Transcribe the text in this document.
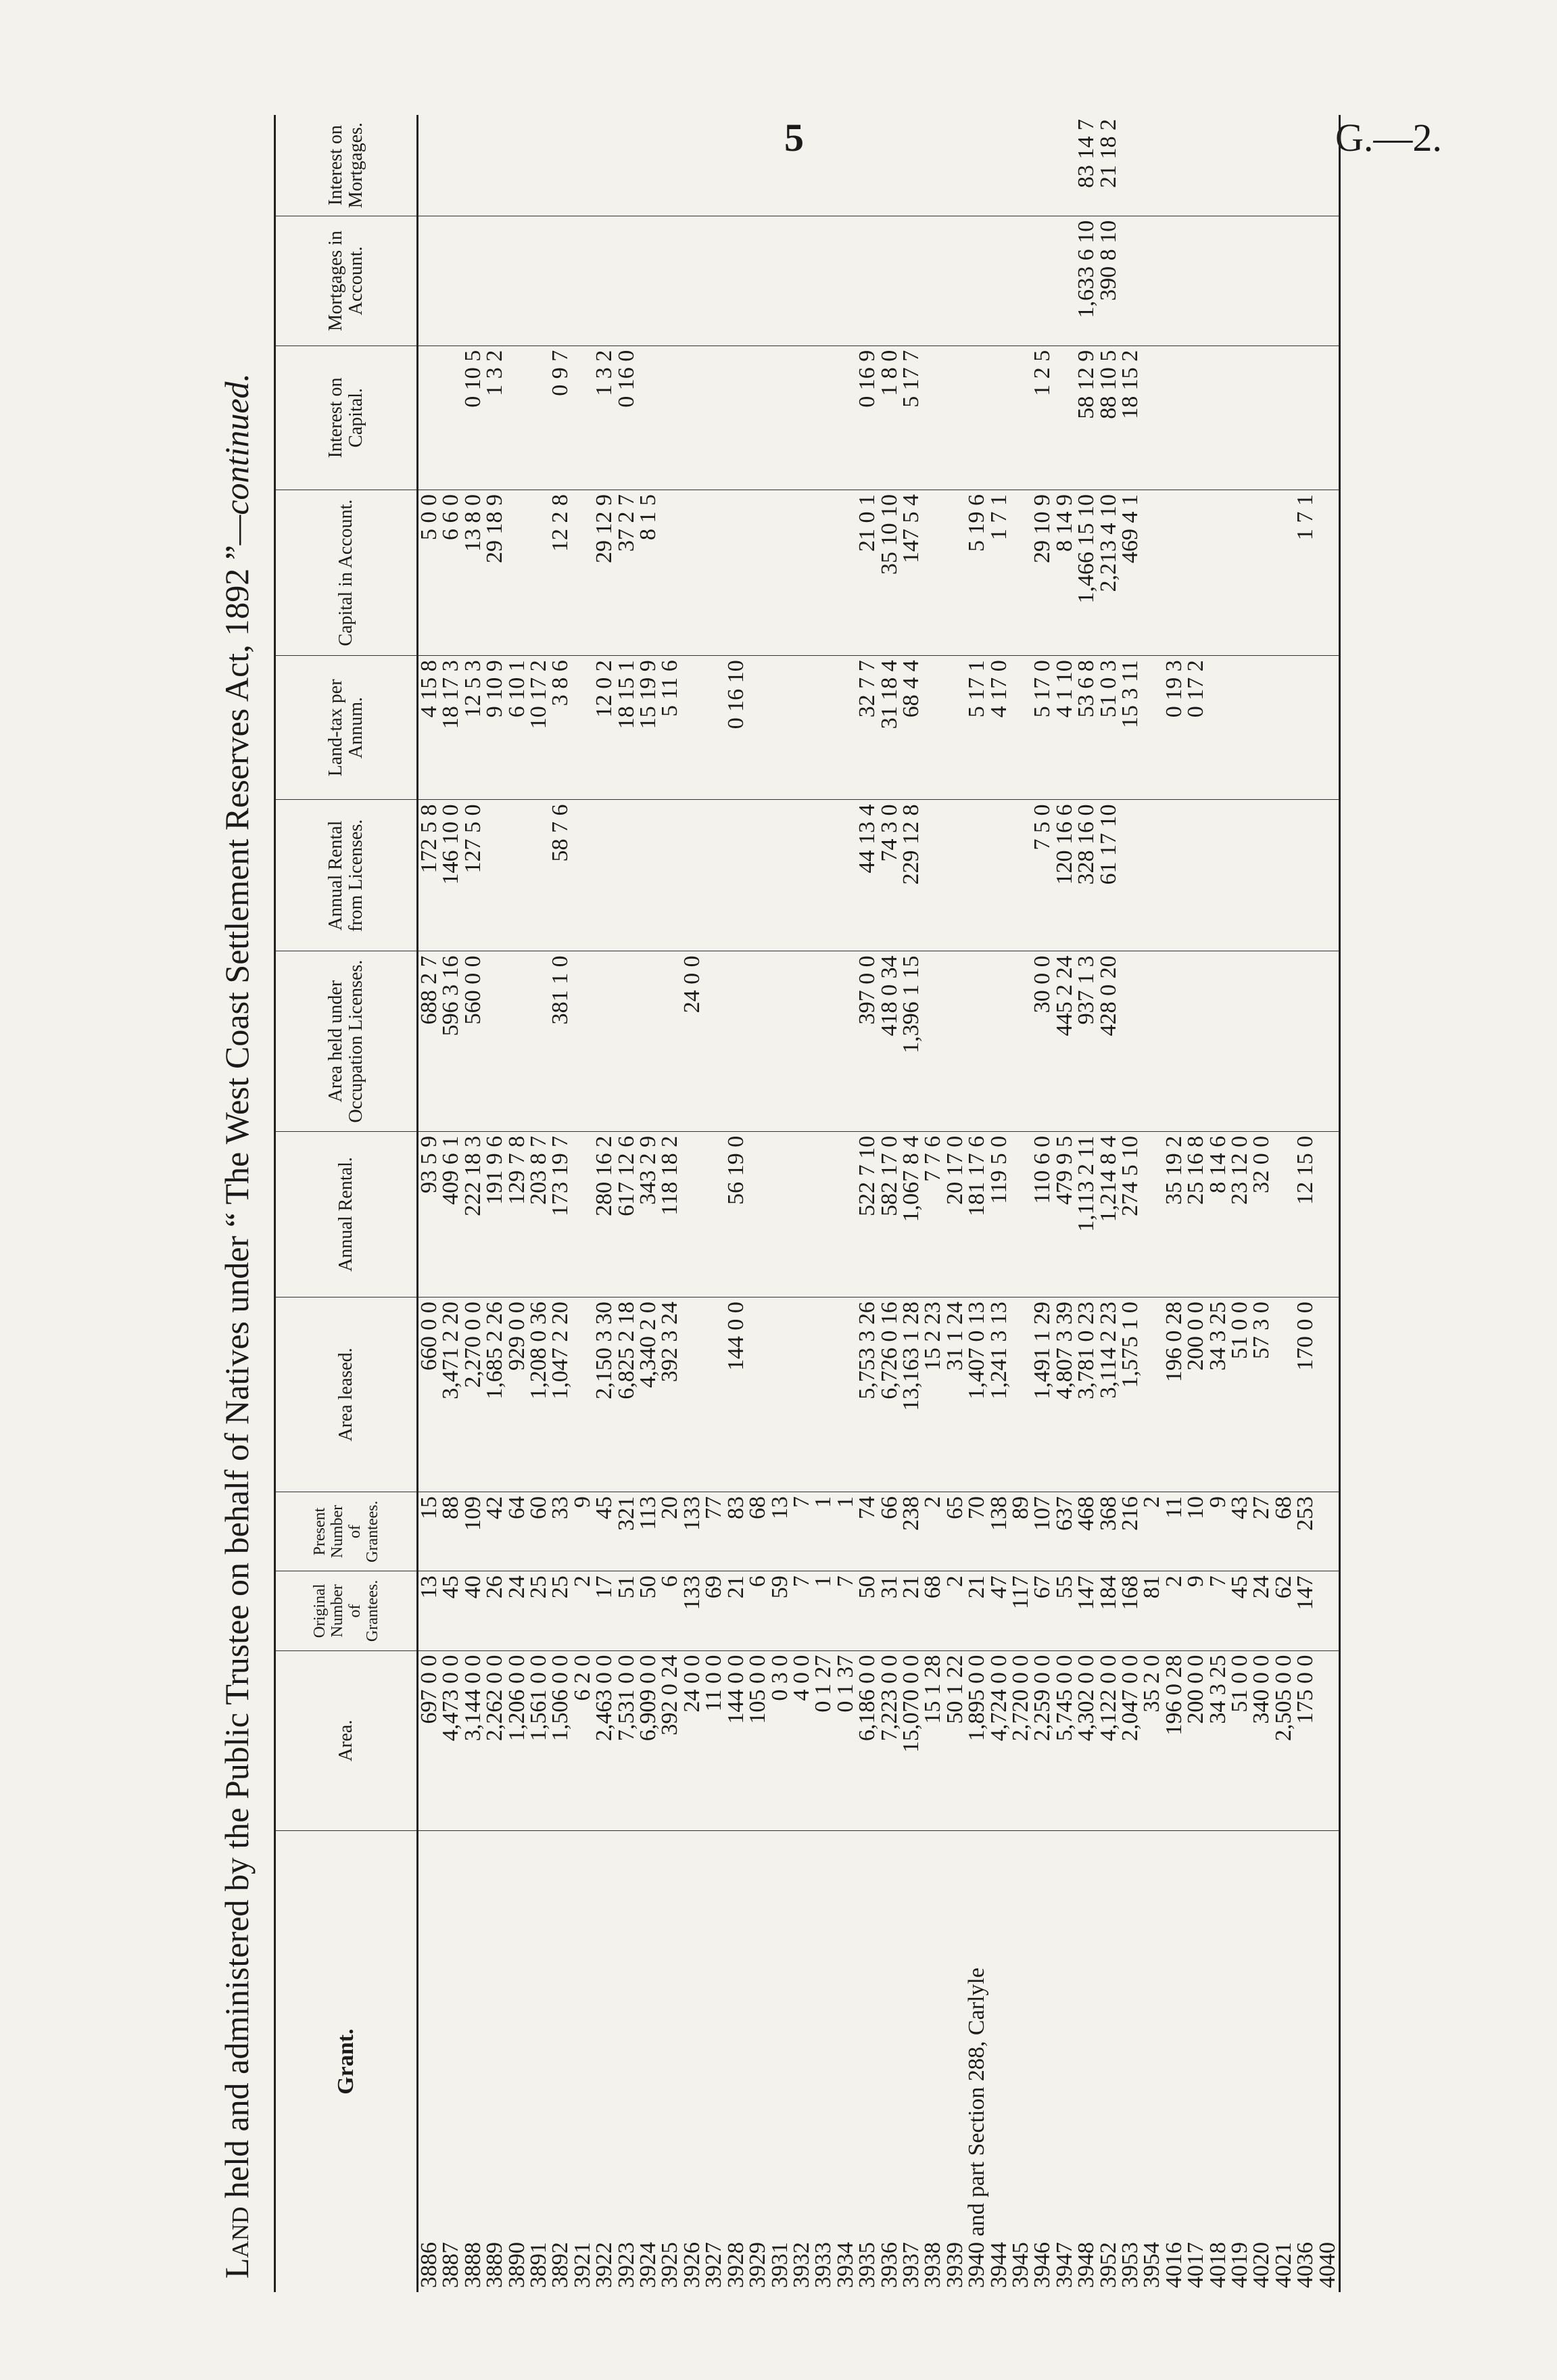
5	G.—2.
Land held and administered by the Public Trustee on behalf of Natives under “ The West Coast Settlement Reserves Act, 1892 ”—continued.
Grant.	Area.	Original Number of Grantees.	Present Number of Grantees.	Area leased.	Annual Rental.	Area held under Occupation Licenses.	Annual Rental from Licenses.	Land-tax per Annum.	Capital in Account.	Interest on Capital.	Mortgages in Account.	Interest on Mortgages.
3886	697 0 0	13	15	660 0 0	93 5 9	688 2 7	172 5 8	4 15 8	5 0 0			
3887	4,473 0 0	45	88	3,471 2 20	409 6 1	596 3 16	146 10 0	18 17 3	6 6 0			
3888	3,144 0 0	40	109	2,270 0 0	222 18 3	560 0 0	127 5 0	12 5 3	13 8 0	0 10 5		
3889	2,262 0 0	26	42	1,685 2 26	191 9 6			9 10 9	29 18 9	1 3 2		
3890	1,206 0 0	24	64	929 0 0	129 7 8			6 10 1				
3891	1,561 0 0	25	60	1,208 0 36	203 8 7			10 17 2				
3892	1,506 0 0	25	33	1,047 2 20	173 19 7	381 1 0	58 7 6	3 8 6	12 2 8	0 9 7		
3921	6 2 0	2	9									
3922	2,463 0 0	17	45	2,150 3 30	280 16 2			12 0 2	29 12 9	1 3 2		
3923	7,531 0 0	51	321	6,825 2 18	617 12 6			18 15 1	37 2 7	0 16 0		
3924	6,909 0 0	50	113	4,340 2 0	343 2 9			15 19 9	8 1 5			
3925	392 0 24	6	20	392 3 24	118 18 2			5 11 6				
3926	24 0 0	133	133			24 0 0						
3927	11 0 0	69	77									
3928	144 0 0	21	83	144 0 0	56 19 0			0 16 10				
3929	105 0 0	6	68									
3931	0 3 0	59	13									
3932	4 0 0	7	7									
3933	0 1 27	1	1									
3934	0 1 37	7	1									
3935	6,186 0 0	50	74	5,753 3 26	522 7 10	397 0 0	44 13 4	32 7 7	21 0 1	0 16 9		
3936	7,223 0 0	31	66	6,726 0 16	582 17 0	418 0 34	74 3 0	31 18 4	35 10 10	1 8 0		
3937	15,070 0 0	21	238	13,163 1 28	1,067 8 4	1,396 1 15	229 12 8	68 4 4	147 5 4	5 17 7		
3938	15 1 28	68	2	15 2 23	7 7 6							
3939	50 1 22	2	65	31 1 24	20 17 0							
3940 and part Section 288, Carlyle	1,895 0 0	21	70	1,407 0 13	181 17 6			5 17 1	5 19 6			
3944	4,724 0 0	47	138	1,241 3 13	119 5 0			4 17 0	1 7 1			
3945	2,720 0 0	117	89									
3946	2,259 0 0	67	107	1,491 1 29	110 6 0	30 0 0	7 5 0	5 17 0	29 10 9	1 2 5		
3947	5,745 0 0	55	637	4,807 3 39	479 9 5	445 2 24	120 16 6	4 1 10	8 14 9			
3948	4,302 0 0	147	468	3,781 0 23	1,113 2 11	937 1 3	328 16 0	53 6 8	1,466 15 10	58 12 9	1,633 6 10	83 14 7
3952	4,122 0 0	184	368	3,114 2 23	1,214 8 4	428 0 20	61 17 10	51 0 3	2,213 4 10	88 10 5	390 8 10	21 18 2
3953	2,047 0 0	168	216	1,575 1 0	274 5 10			15 3 11	469 4 1	18 15 2		
3954	35 2 0	81	2									
4016	196 0 28	2	11	196 0 28	35 19 2			0 19 3				
4017	200 0 0	9	10	200 0 0	25 16 8			0 17 2				
4018	34 3 25	7	9	34 3 25	8 14 6							
4019	51 0 0	45	43	51 0 0	23 12 0							
4020	340 0 0	24	27	57 3 0	32 0 0							
4021	2,505 0 0	62	68									
4036	175 0 0	147	253	170 0 0	12 15 0				1 7 1			
4040												
